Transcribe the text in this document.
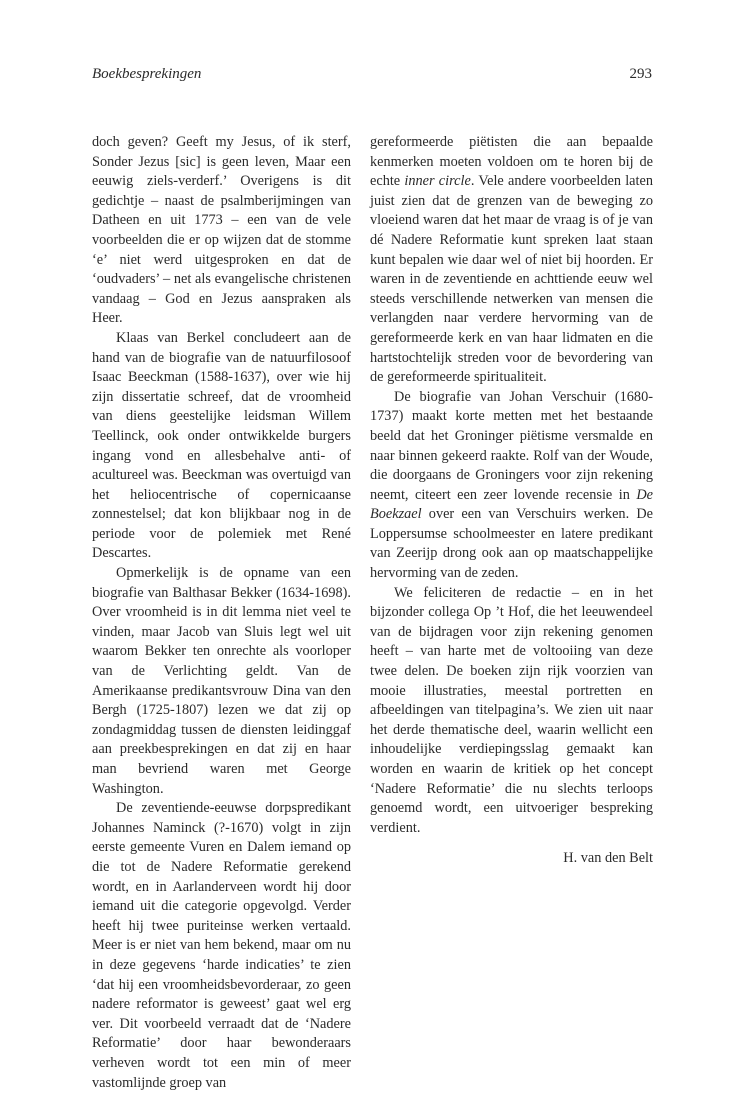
Boekbesprekingen	293

doch geven? Geeft my Jesus, of ik sterf, Sonder Jezus [sic] is geen leven, Maar een eeuwig ziels-verderf.’ Overigens is dit gedichtje – naast de psalmberijmingen van Datheen en uit 1773 – een van de vele voorbeelden die er op wijzen dat de stomme ‘e’ niet werd uitgesproken en dat de ‘oudvaders’ – net als evangelische christenen vandaag – God en Jezus aanspraken als Heer.

Klaas van Berkel concludeert aan de hand van de biografie van de natuurfilosoof Isaac Beeckman (1588-1637), over wie hij zijn dissertatie schreef, dat de vroomheid van diens geestelijke leidsman Willem Teellinck, ook onder ontwikkelde burgers ingang vond en allesbehalve anti- of acultureel was. Beeckman was overtuigd van het heliocentrische of copernicaanse zonnestelsel; dat kon blijkbaar nog in de periode voor de polemiek met René Descartes.

Opmerkelijk is de opname van een biografie van Balthasar Bekker (1634-1698). Over vroomheid is in dit lemma niet veel te vinden, maar Jacob van Sluis legt wel uit waarom Bekker ten onrechte als voorloper van de Verlichting geldt. Van de Amerikaanse predikantsvrouw Dina van den Bergh (1725-1807) lezen we dat zij op zondagmiddag tussen de diensten leidinggaf aan preekbesprekingen en dat zij en haar man bevriend waren met George Washington.

De zeventiende-eeuwse dorpspredikant Johannes Naminck (?-1670) volgt in zijn eerste gemeente Vuren en Dalem iemand op die tot de Nadere Reformatie gerekend wordt, en in Aarlanderveen wordt hij door iemand uit die categorie opgevolgd. Verder heeft hij twee puriteinse werken vertaald. Meer is er niet van hem bekend, maar om nu in deze gegevens ‘harde indicaties’ te zien ‘dat hij een vroomheidsbevorderaar, zo geen nadere reformator is geweest’ gaat wel erg ver. Dit voorbeeld verraadt dat de ‘Nadere Reformatie’ door haar bewonderaars verheven wordt tot een min of meer vastomlijnde groep van

gereformeerde piëtisten die aan bepaalde kenmerken moeten voldoen om te horen bij de echte inner circle. Vele andere voorbeelden laten juist zien dat de grenzen van de beweging zo vloeiend waren dat het maar de vraag is of je van dé Nadere Reformatie kunt spreken laat staan kunt bepalen wie daar wel of niet bij hoorden. Er waren in de zeventiende en achttiende eeuw wel steeds verschillende netwerken van mensen die verlangden naar verdere hervorming van de gereformeerde kerk en van haar lidmaten en die hartstochtelijk streden voor de bevordering van de gereformeerde spiritualiteit.

De biografie van Johan Verschuir (1680-1737) maakt korte metten met het bestaande beeld dat het Groninger piëtisme versmalde en naar binnen gekeerd raakte. Rolf van der Woude, die doorgaans de Groningers voor zijn rekening neemt, citeert een zeer lovende recensie in De Boekzael over een van Verschuirs werken. De Loppersumse schoolmeester en latere predikant van Zeerijp drong ook aan op maatschappelijke hervorming van de zeden.

We feliciteren de redactie – en in het bijzonder collega Op ’t Hof, die het leeuwendeel van de bijdragen voor zijn rekening genomen heeft – van harte met de voltooiing van deze twee delen. De boeken zijn rijk voorzien van mooie illustraties, meestal portretten en afbeeldingen van titelpagina’s. We zien uit naar het derde thematische deel, waarin wellicht een inhoudelijke verdiepingsslag gemaakt kan worden en waarin de kritiek op het concept ‘Nadere Reformatie’ die nu slechts terloops genoemd wordt, een uitvoeriger bespreking verdient.

H. van den Belt
